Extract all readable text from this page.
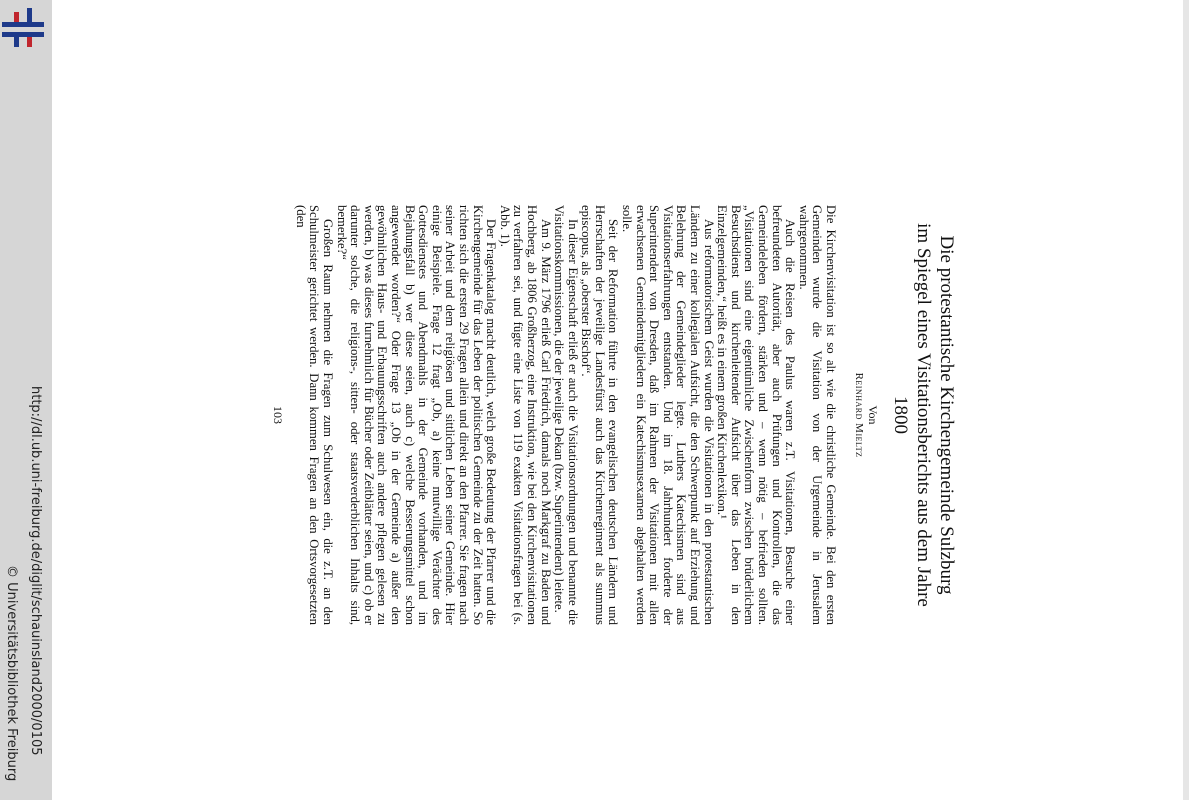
http://dl.ub.uni-freiburg.de/diglit/schauinsland2000/0105
© Universitätsbibliothek Freiburg
Die protestantische Kirchengemeinde Sulzburg
im Spiegel eines Visitationsberichts aus dem Jahre 1800
Von
Reinhard Mieltz

Die Kirchenvisitation ist so alt wie die christliche Gemeinde. Bei den ersten Gemeinden wurde die Visitation von der Urgemeinde in Jerusalem wahrgenommen.

Auch die Reisen des Paulus waren z.T. Visitationen, Besuche einer befreundeten Autorität, aber auch Prüfungen und Kontrollen, die das Gemeindeleben fördern, stärken und – wenn nötig – befrieden sollten. „Visitationen sind eine eigentümliche Zwischenform zwischen brüderlichem Besuchsdienst und kirchenleitender Aufsicht über das Leben in den Einzelgemeinden,“ heißt es in einem großen Kirchenlexikon.¹

Aus reformatorischem Geist wurden die Visitationen in den protestantischen Ländern zu einer kollegialen Aufsicht, die den Schwerpunkt auf Erziehung und Belehrung der Gemeindeglieder legte. Luthers Katechismen sind aus Visitationserfahrungen entstanden. Und im 18. Jahrhundert forderte der Superintendent von Dresden, daß im Rahmen der Visitationen mit allen erwachsenen Gemeindemitgliedern ein Katechismusexamen abgehalten werden solle.

Seit der Reformation führte in den evangelischen deutschen Ländern und Herrschaften der jeweilige Landesfürst auch das Kirchenregiment als summus episcopus, als „oberster Bischof“.

In dieser Eigenschaft erließ er auch die Visitationsordnungen und benannte die Visitationskommissionen, die der jeweilige Dekan (bzw. Superintendent) leitete.

Am 9. März 1796 erließ Carl Friedrich, damals noch Markgraf zu Baden und Hochberg, ab 1806 Großherzog, eine Instruktion, wie bei den Kirchenvisitationen zu verfahren sei, und fügte eine Liste von 119 exakten Visitationsfragen bei (s. Abb. 1).

Der Fragenkatalog macht deutlich, welch große Bedeutung der Pfarrer und die Kirchengemeinde für das Leben der politischen Gemeinde zu der Zeit hatten. So richten sich die ersten 29 Fragen allein und direkt an den Pfarrer. Sie fragen nach seiner Arbeit und dem religiösen und sittlichen Leben seiner Gemeinde. Hier einige Beispiele. Frage 12 fragt „Ob, a) keine mutwillige Verächter des Gottesdienstes und Abendmahls in der Gemeinde vorhanden, und im Bejahungsfall b) wer diese seien, auch c) welche Besserungsmittel schon angewendet worden?“ Oder Frage 13 „Ob in der Gemeinde a) außer den gewöhnlichen Haus- und Erbauungsschriften auch andere pflegen gelesen zu werden, b) was dieses furnehmlich für Bücher oder Zeitblätter seien, und c) ob er darunter solche, die religions-, sitten- oder staatsverderblichen Inhalts sind, bemerke?“

Großen Raum nehmen die Fragen zum Schulwesen ein, die z.T. an den Schulmeister gerichtet werden. Dann kommen Fragen an den Ortsvorgesetzten (den

103
